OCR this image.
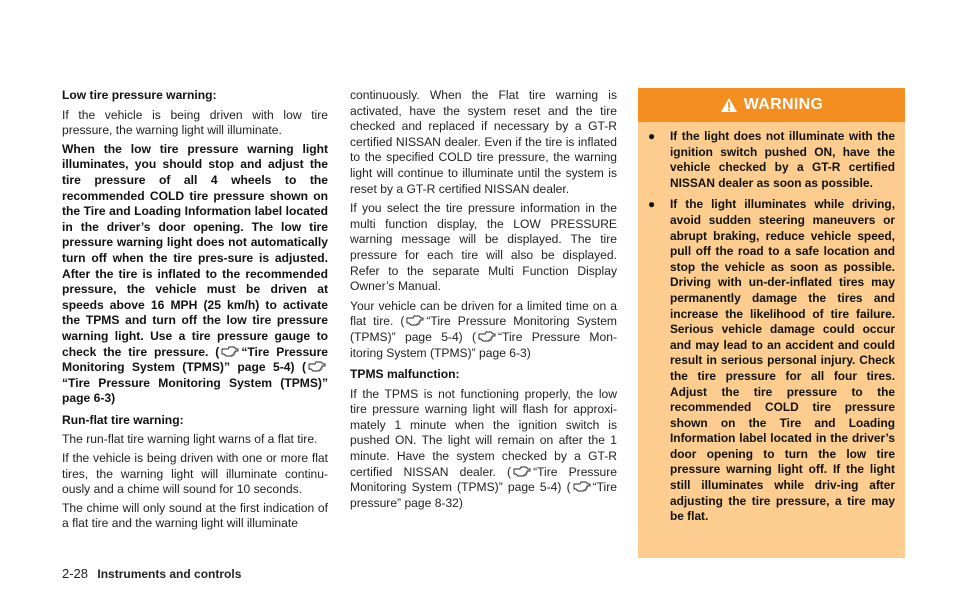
Low tire pressure warning:
If the vehicle is being driven with low tire pressure, the warning light will illuminate.
When the low tire pressure warning light illuminates, you should stop and adjust the tire pressure of all 4 wheels to the recommended COLD tire pressure shown on the Tire and Loading Information label located in the driver’s door opening. The low tire pressure warning light does not automatically turn off when the tire pres-sure is adjusted. After the tire is inflated to the recommended pressure, the vehicle must be driven at speeds above 16 MPH (25 km/h) to activate the TPMS and turn off the low tire pressure warning light. Use a tire pressure gauge to check the tire pressure. ( “Tire Pressure Monitoring System (TPMS)” page 5-4) (
“Tire Pressure Monitoring System (TPMS)” page 6-3)
Run-flat tire warning:
The run-flat tire warning light warns of a flat tire.
If the vehicle is being driven with one or more flat tires, the warning light will illuminate continu-ously and a chime will sound for 10 seconds.
The chime will only sound at the first indication of a flat tire and the warning light will illuminate
continuously. When the Flat tire warning is activated, have the system reset and the tire checked and replaced if necessary by a GT-R certified NISSAN dealer. Even if the tire is inflated to the specified COLD tire pressure, the warning light will continue to illuminate until the system is reset by a GT-R certified NISSAN dealer.
If you select the tire pressure information in the multi function display, the LOW PRESSURE warning message will be displayed. The tire pressure for each tire will also be displayed. Refer to the separate Multi Function Display Owner’s Manual.
Your vehicle can be driven for a limited time on a flat tire. ( “Tire Pressure Monitoring System (TPMS)” page 5-4) ( “Tire Pressure Mon-itoring System (TPMS)” page 6-3)
TPMS malfunction:
If the TPMS is not functioning properly, the low tire pressure warning light will flash for approxi-mately 1 minute when the ignition switch is pushed ON. The light will remain on after the 1 minute. Have the system checked by a GT-R certified NISSAN dealer. ( “Tire Pressure Monitoring System (TPMS)” page 5-4) ( “Tire pressure” page 8-32)
WARNING
●	If the light does not illuminate with the ignition switch pushed ON, have the vehicle checked by a GT-R certified NISSAN dealer as soon as possible.
●	If the light illuminates while driving, avoid sudden steering maneuvers or abrupt braking, reduce vehicle speed, pull off the road to a safe location and stop the vehicle as soon as possible. Driving with un-der-inflated tires may permanently damage the tires and increase the likelihood of tire failure. Serious vehicle damage could occur and may lead to an accident and could result in serious personal injury. Check the tire pressure for all four tires. Adjust the tire pressure to the recommended COLD tire pressure shown on the Tire and Loading Information label located in the driver’s door opening to turn the low tire pressure warning light off. If the light still illuminates while driv-ing after adjusting the tire pressure, a tire may be flat.
2-28 Instruments and controls
